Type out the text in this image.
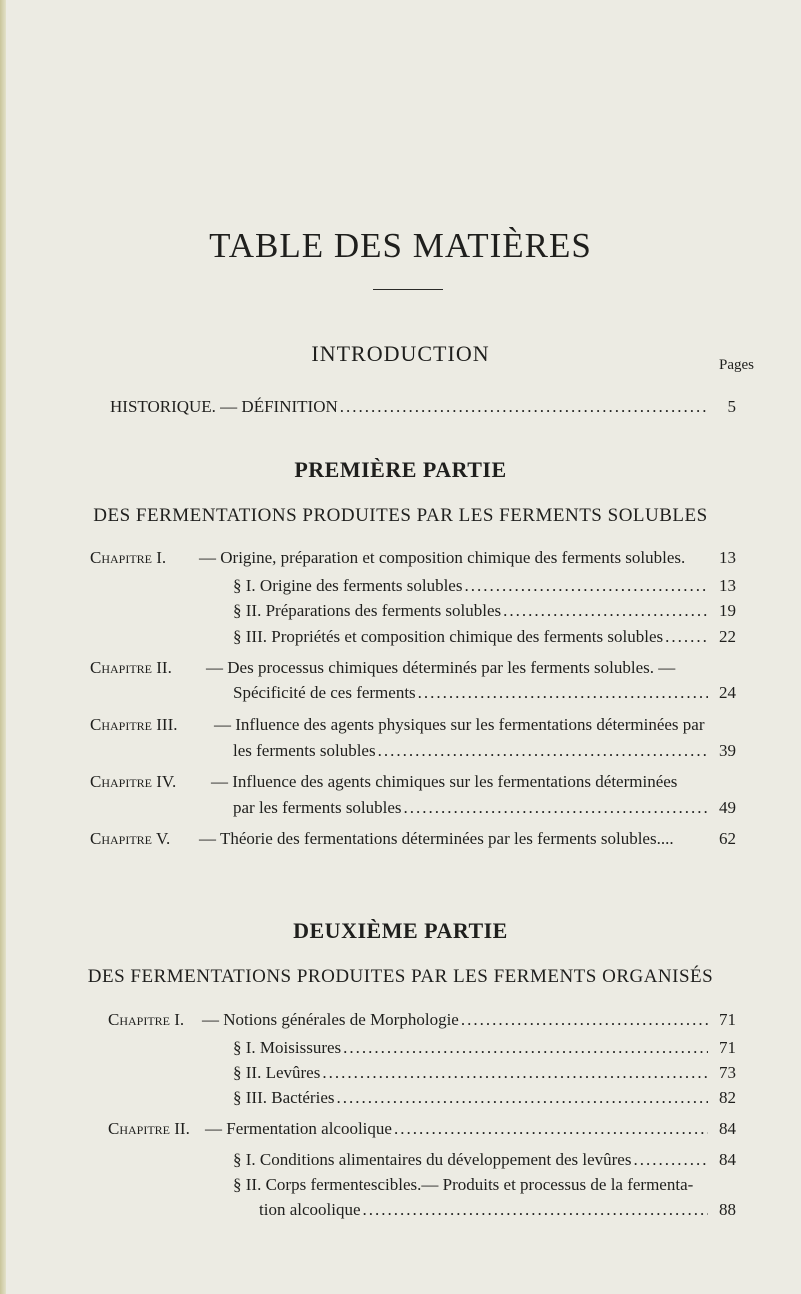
TABLE DES MATIÈRES
INTRODUCTION	Pages
HISTORIQUE. — DÉFINITION .....	5
PREMIÈRE PARTIE
DES FERMENTATIONS PRODUITES PAR LES FERMENTS SOLUBLES
Chapitre I. — Origine, préparation et composition chimique des ferments solubles.	13
§ I. Origine des ferments solubles .....	13
§ II. Préparations des ferments solubles .....	19
§ III. Propriétés et composition chimique des ferments solubles .....	22
Chapitre II. — Des processus chimiques déterminés par les ferments solubles. —
Spécificité de ces ferments .....	24
Chapitre III. — Influence des agents physiques sur les fermentations déterminées par
les ferments solubles .....	39
Chapitre IV. — Influence des agents chimiques sur les fermentations déterminées
par les ferments solubles .....	49
Chapitre V. — Théorie des fermentations déterminées par les ferments solubles....	62
DEUXIÈME PARTIE
DES FERMENTATIONS PRODUITES PAR LES FERMENTS ORGANISÉS
Chapitre I. — Notions générales de Morphologie .....	71
§ I. Moisissures .....	71
§ II. Levûres .....	73
§ III. Bactéries .....	82
Chapitre II. — Fermentation alcoolique .....	84
§ I. Conditions alimentaires du développement des levûres .....	84
§ II. Corps fermentescibles.— Produits et processus de la fermenta-
tion alcoolique .....	88
